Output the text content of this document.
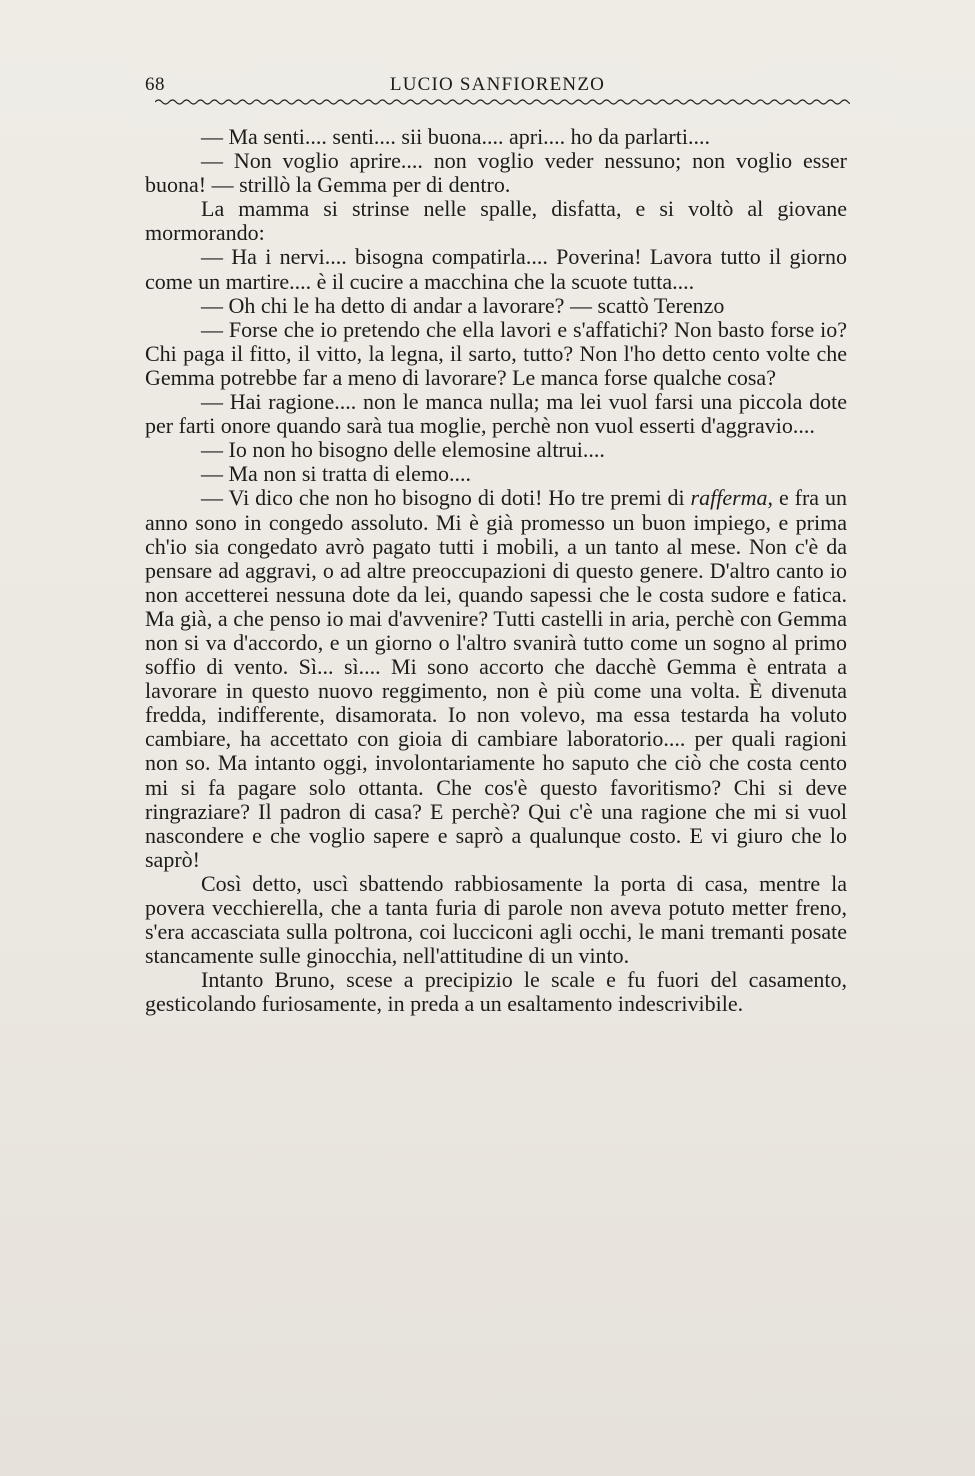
68	LUCIO SANFIORENZO

— Ma senti.... senti.... sii buona.... apri.... ho da parlarti....

— Non voglio aprire.... non voglio veder nessuno; non voglio esser buona! — strillò la Gemma per di dentro.

La mamma si strinse nelle spalle, disfatta, e si voltò al giovane mormorando:

— Ha i nervi.... bisogna compatirla.... Poverina! Lavora tutto il giorno come un martire.... è il cucire a macchina che la scuote tutta....

— Oh chi le ha detto di andar a lavorare? — scattò Terenzo

— Forse che io pretendo che ella lavori e s'affatichi? Non basto forse io? Chi paga il fitto, il vitto, la legna, il sarto, tutto? Non l'ho detto cento volte che Gemma potrebbe far a meno di lavorare? Le manca forse qualche cosa?

— Hai ragione.... non le manca nulla; ma lei vuol farsi una piccola dote per farti onore quando sarà tua moglie, perchè non vuol esserti d'aggravio....

— Io non ho bisogno delle elemosine altrui....

— Ma non si tratta di elemo....

— Vi dico che non ho bisogno di doti! Ho tre premi di rafferma, e fra un anno sono in congedo assoluto. Mi è già promesso un buon impiego, e prima ch'io sia congedato avrò pagato tutti i mobili, a un tanto al mese. Non c'è da pensare ad aggravi, o ad altre preoccupazioni di questo genere. D'altro canto io non accetterei nessuna dote da lei, quando sapessi che le costa sudore e fatica. Ma già, a che penso io mai d'avvenire? Tutti castelli in aria, perchè con Gemma non si va d'accordo, e un giorno o l'altro svanirà tutto come un sogno al primo soffio di vento. Sì... sì.... Mi sono accorto che dacchè Gemma è entrata a lavorare in questo nuovo reggimento, non è più come una volta. È divenuta fredda, indifferente, disamorata. Io non volevo, ma essa testarda ha voluto cambiare, ha accettato con gioia di cambiare laboratorio.... per quali ragioni non so. Ma intanto oggi, involontariamente ho saputo che ciò che costa cento mi si fa pagare solo ottanta. Che cos'è questo favoritismo? Chi si deve ringraziare? Il padron di casa? E perchè? Qui c'è una ragione che mi si vuol nascondere e che voglio sapere e saprò a qualunque costo. E vi giuro che lo saprò!

Così detto, uscì sbattendo rabbiosamente la porta di casa, mentre la povera vecchierella, che a tanta furia di parole non aveva potuto metter freno, s'era accasciata sulla poltrona, coi lucciconi agli occhi, le mani tremanti posate stancamente sulle ginocchia, nell'attitudine di un vinto.

Intanto Bruno, scese a precipizio le scale e fu fuori del casamento, gesticolando furiosamente, in preda a un esaltamento indescrivibile.
